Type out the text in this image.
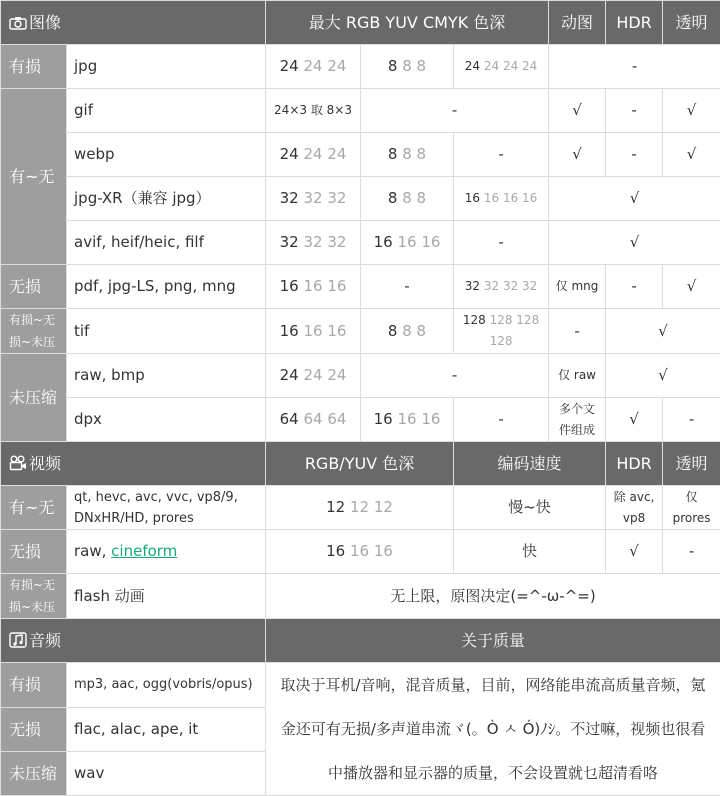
图像		最大 RGB YUV CMYK 色深			动图	HDR	透明
有损	jpg	24 24 24	8 8 8	24 24 24 24	-		
有~无	gif	24×3 取 8×3	-		√	-	√
	webp	24 24 24	8 8 8	-	√	-	√
	jpg-XR（兼容 jpg）	32 32 32	8 8 8	16 16 16 16	√		
	avif, heif/heic, filf	32 32 32	16 16 16	-	√		
无损	pdf, jpg-LS, png, mng	16 16 16	-	32 32 32 32	仅 mng	-	√
有损~无损~未压	tif	16 16 16	8 8 8	128 128 128 128	-	√	
未压缩	raw, bmp	24 24 24	-		仅 raw	√	
	dpx	64 64 64	16 16 16	-	多个文件组成	√	-
视频		RGB/YUV 色深		编码速度		HDR	透明
有~无	qt, hevc, avc, vvc, vp8/9, DNxHR/HD, prores	12 12 12		慢~快		除 avc, vp8	仅 prores
无损	raw, cineform	16 16 16		快		√	-
有损~无损~未压	flash 动画	无上限，原图决定(=^-ω-^=)					
音频		关于质量					
有损	mp3, aac, ogg(vobris/opus)	取决于耳机/音响，混音质量，目前，网络能串流高质量音频，氪金还可有无损/多声道串流ヾ(。Ò ㅅ Ó)ﾉｼ。不过嘛，视频也很看中播放器和显示器的质量，不会设置就乜超清看咯					
无损	flac, alac, ape, it						
未压缩	wav						
